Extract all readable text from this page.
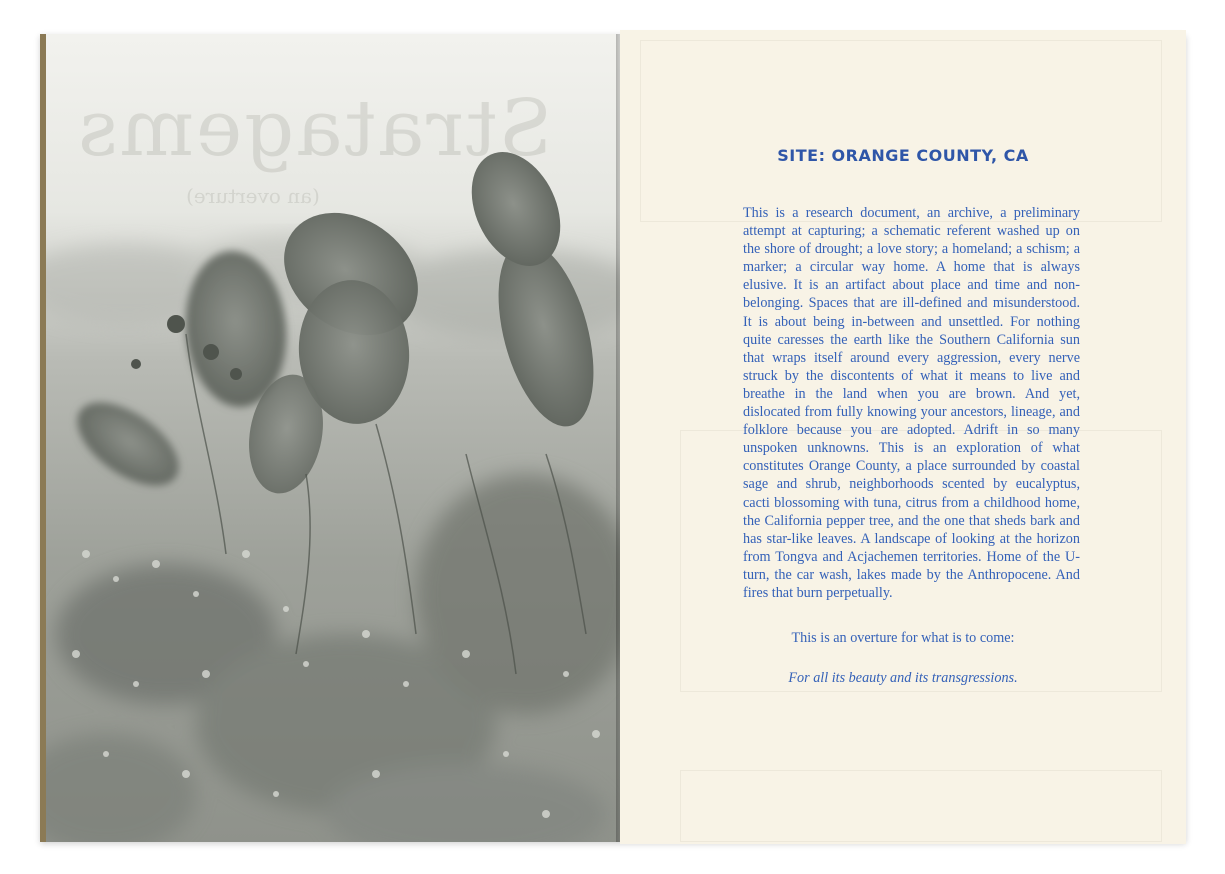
Stratagems
(an overture)
SITE: ORANGE COUNTY, CA
This is a research document, an archive, a preliminary attempt at capturing; a schematic referent washed up on the shore of drought; a love story; a homeland; a schism; a marker; a circular way home. A home that is always elusive. It is an artifact about place and time and non-belonging. Spaces that are ill-defined and misunderstood. It is about being in-between and unsettled. For nothing quite caresses the earth like the Southern California sun that wraps itself around every aggression, every nerve struck by the discontents of what it means to live and breathe in the land when you are brown. And yet, dislocated from fully knowing your ancestors, lineage, and folklore because you are adopted. Adrift in so many unspoken unknowns. This is an exploration of what constitutes Orange County, a place surrounded by coastal sage and shrub, neighborhoods scented by eucalyptus, cacti blossoming with tuna, citrus from a childhood home, the California pepper tree, and the one that sheds bark and has star-like leaves. A landscape of looking at the horizon from Tongva and Acjachemen territories. Home of the U-turn, the car wash, lakes made by the Anthropocene. And fires that burn perpetually.
This is an overture for what is to come:
For all its beauty and its transgressions.
